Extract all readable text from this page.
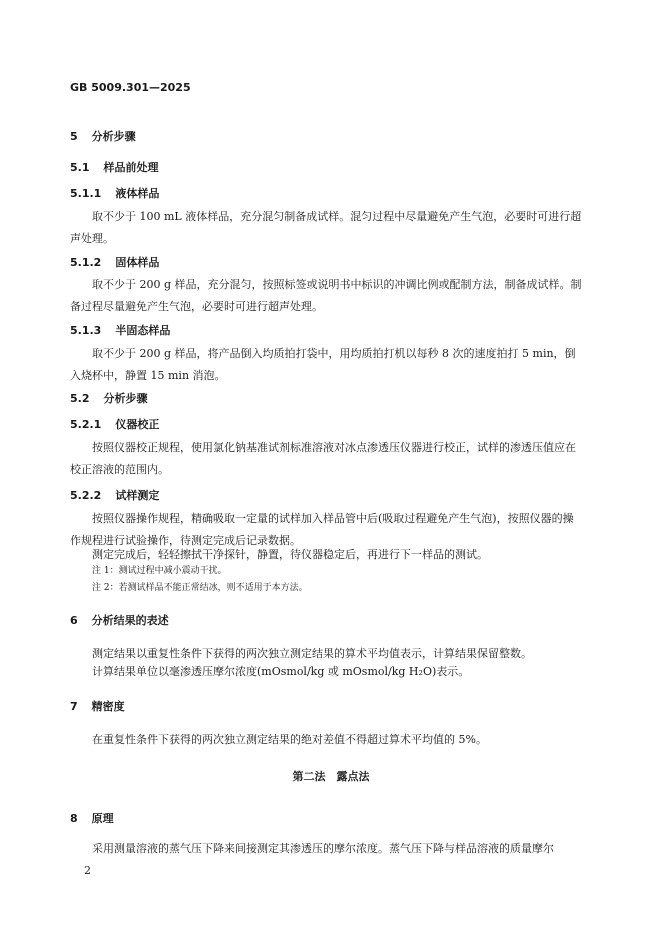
GB 5009.301—2025
5 分析步骤
5.1 样品前处理
5.1.1 液体样品
取不少于 100 mL 液体样品，充分混匀制备成试样。混匀过程中尽量避免产生气泡，必要时可进行超声处理。
5.1.2 固体样品
取不少于 200 g 样品，充分混匀，按照标签或说明书中标识的冲调比例或配制方法，制备成试样。制备过程尽量避免产生气泡，必要时可进行超声处理。
5.1.3 半固态样品
取不少于 200 g 样品，将产品倒入均质拍打袋中，用均质拍打机以每秒 8 次的速度拍打 5 min，倒入烧杯中，静置 15 min 消泡。
5.2 分析步骤
5.2.1 仪器校正
按照仪器校正规程，使用氯化钠基准试剂标准溶液对冰点渗透压仪器进行校正，试样的渗透压值应在校正溶液的范围内。
5.2.2 试样测定
按照仪器操作规程，精确吸取一定量的试样加入样品管中后(吸取过程避免产生气泡)，按照仪器的操作规程进行试验操作，待测定完成后记录数据。
测定完成后，轻轻擦拭干净探针，静置，待仪器稳定后，再进行下一样品的测试。
注 1：测试过程中减小震动干扰。
注 2：若测试样品不能正常结冰，则不适用于本方法。
6 分析结果的表述
测定结果以重复性条件下获得的两次独立测定结果的算术平均值表示，计算结果保留整数。
计算结果单位以毫渗透压摩尔浓度(mOsmol/kg 或 mOsmol/kg H₂O)表示。
7 精密度
在重复性条件下获得的两次独立测定结果的绝对差值不得超过算术平均值的 5%。
第二法　露点法
8 原理
采用测量溶液的蒸气压下降来间接测定其渗透压的摩尔浓度。蒸气压下降与样品溶液的质量摩尔
2
